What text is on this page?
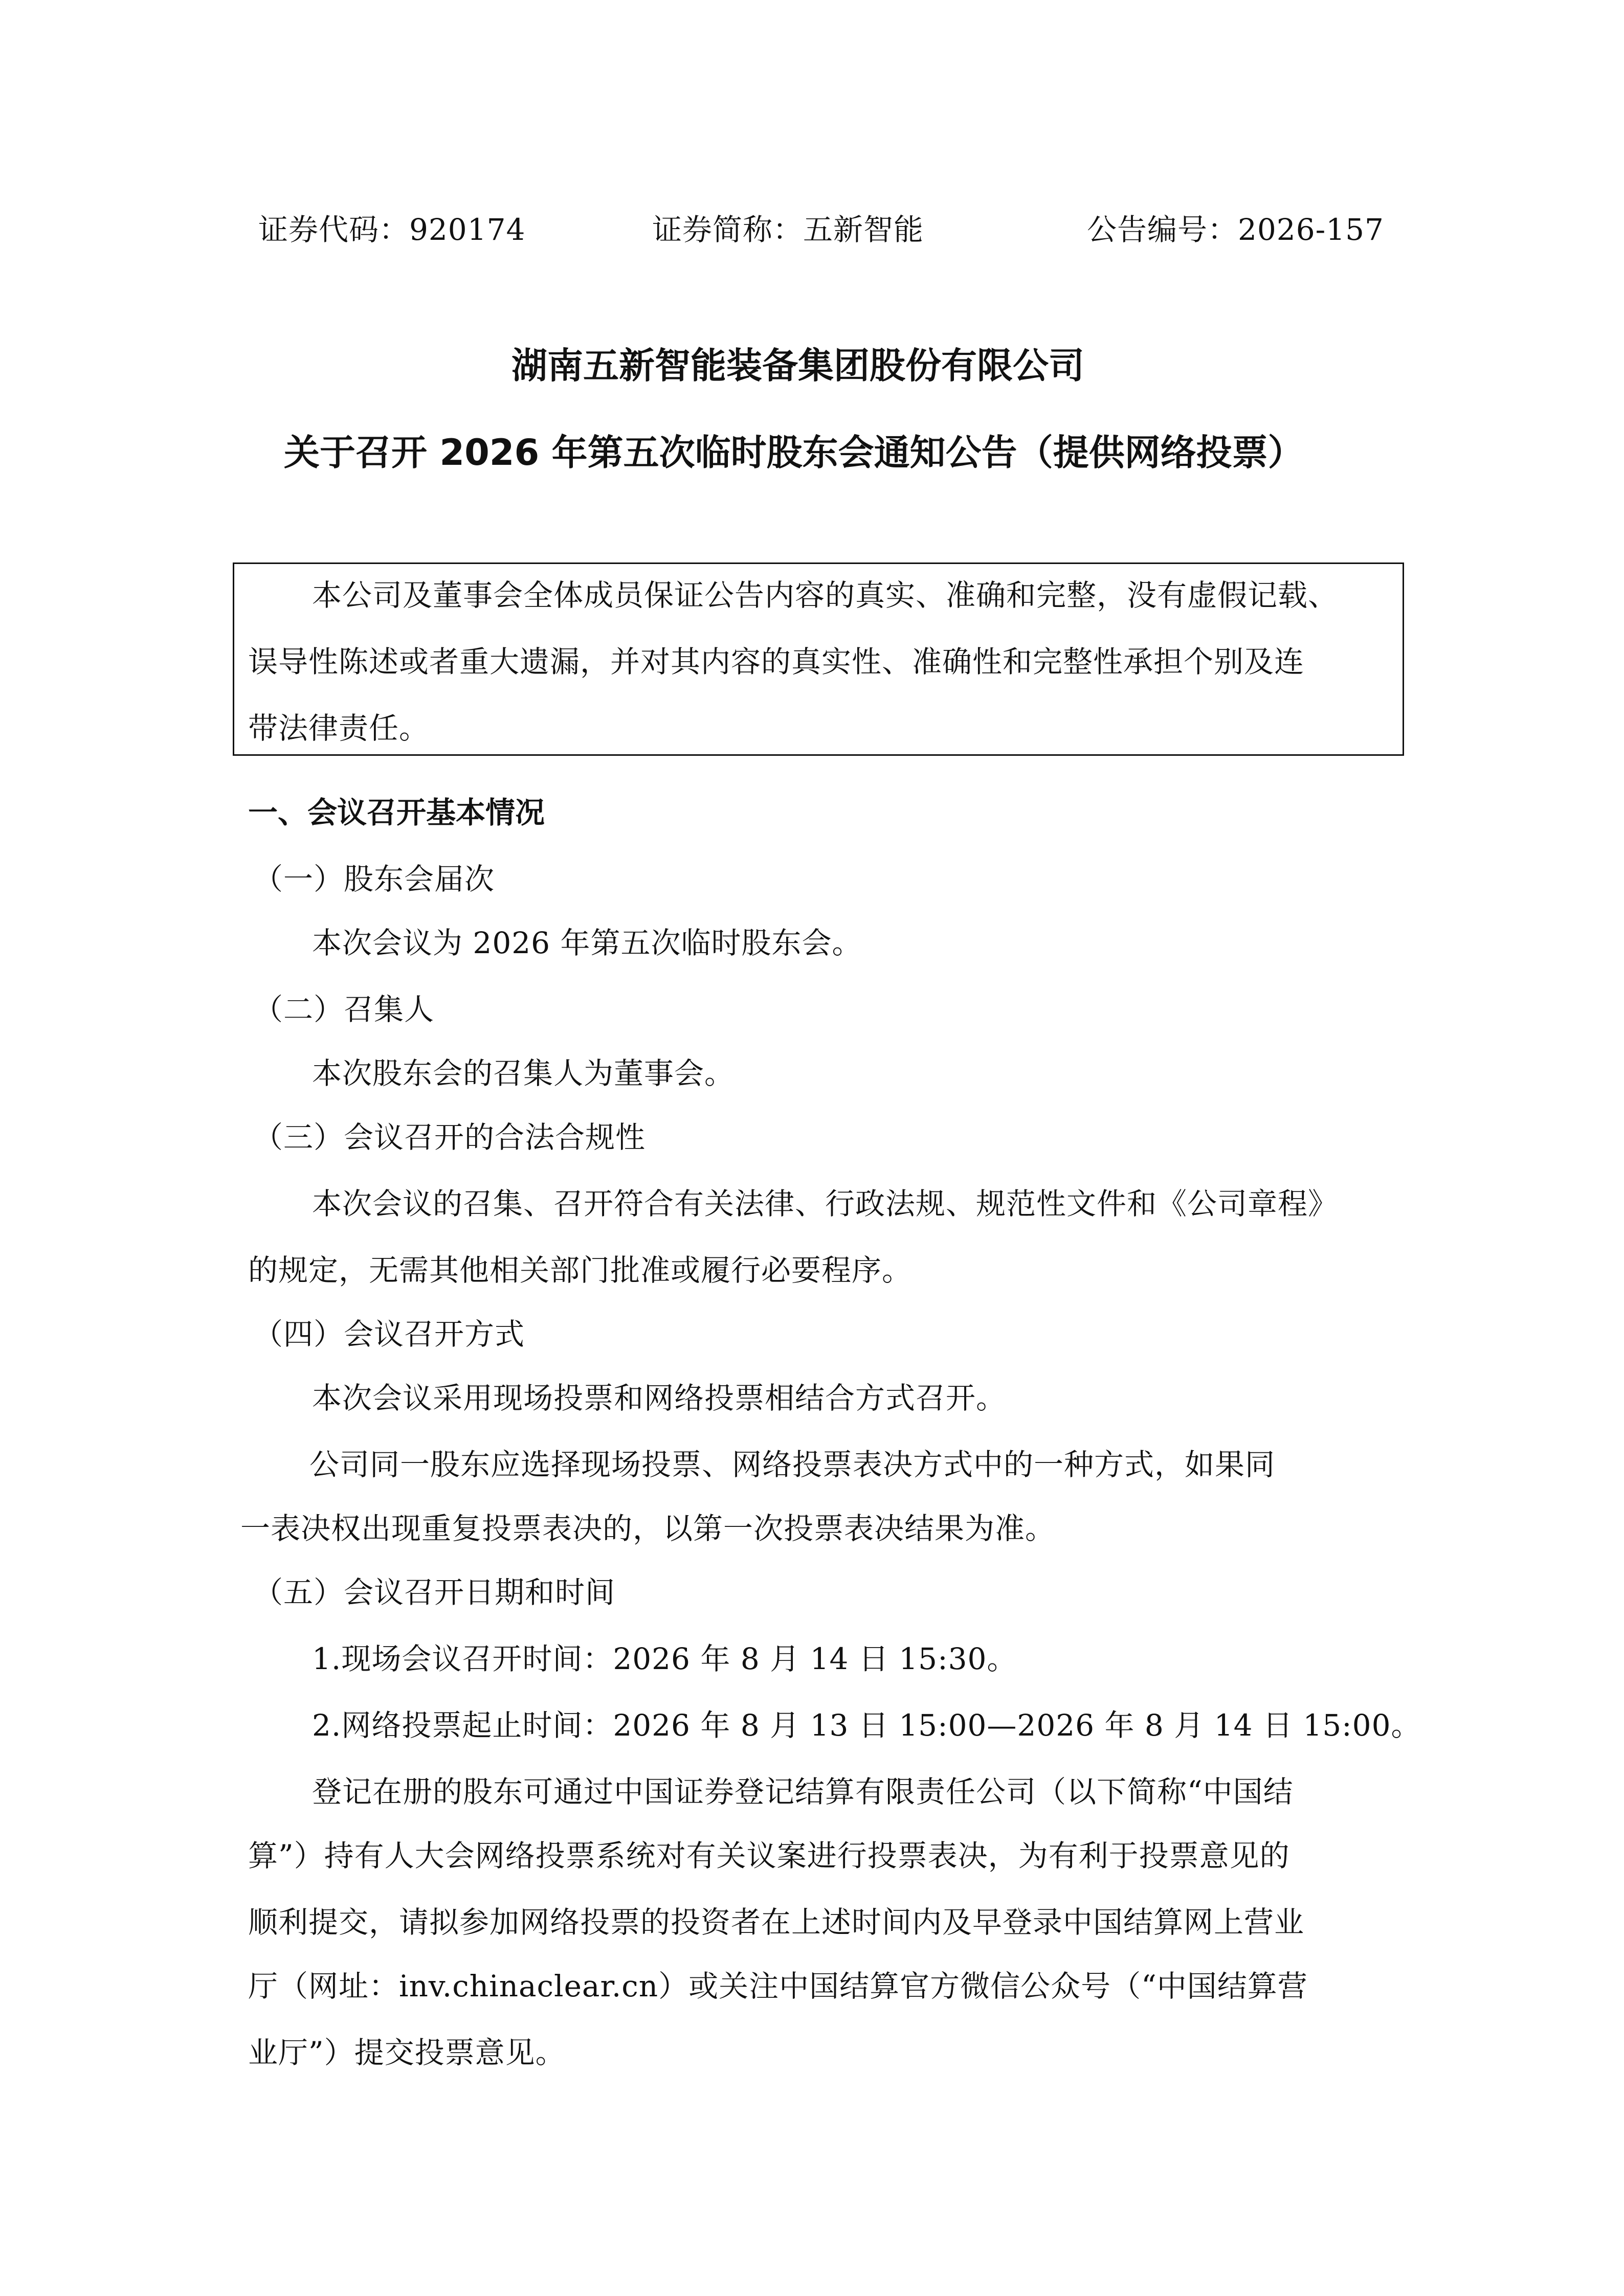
证券代码：920174	证券简称：五新智能	公告编号：2026-157

湖南五新智能装备集团股份有限公司

关于召开 2026 年第五次临时股东会通知公告（提供网络投票）

本公司及董事会全体成员保证公告内容的真实、准确和完整，没有虚假记载、

误导性陈述或者重大遗漏，并对其内容的真实性、准确性和完整性承担个别及连

带法律责任。

一、会议召开基本情况

（一）股东会届次

本次会议为 2026 年第五次临时股东会。

（二）召集人

本次股东会的召集人为董事会。

（三）会议召开的合法合规性

本次会议的召集、召开符合有关法律、行政法规、规范性文件和《公司章程》

的规定，无需其他相关部门批准或履行必要程序。

（四）会议召开方式

本次会议采用现场投票和网络投票相结合方式召开。

公司同一股东应选择现场投票、网络投票表决方式中的一种方式，如果同

一表决权出现重复投票表决的，以第一次投票表决结果为准。

（五）会议召开日期和时间

1.现场会议召开时间：2026 年 8 月 14 日 15:30。

2.网络投票起止时间：2026 年 8 月 13 日 15:00—2026 年 8 月 14 日 15:00。

登记在册的股东可通过中国证券登记结算有限责任公司（以下简称“中国结

算”）持有人大会网络投票系统对有关议案进行投票表决，为有利于投票意见的

顺利提交，请拟参加网络投票的投资者在上述时间内及早登录中国结算网上营业

厅（网址：inv.chinaclear.cn）或关注中国结算官方微信公众号（“中国结算营

业厅”）提交投票意见。
